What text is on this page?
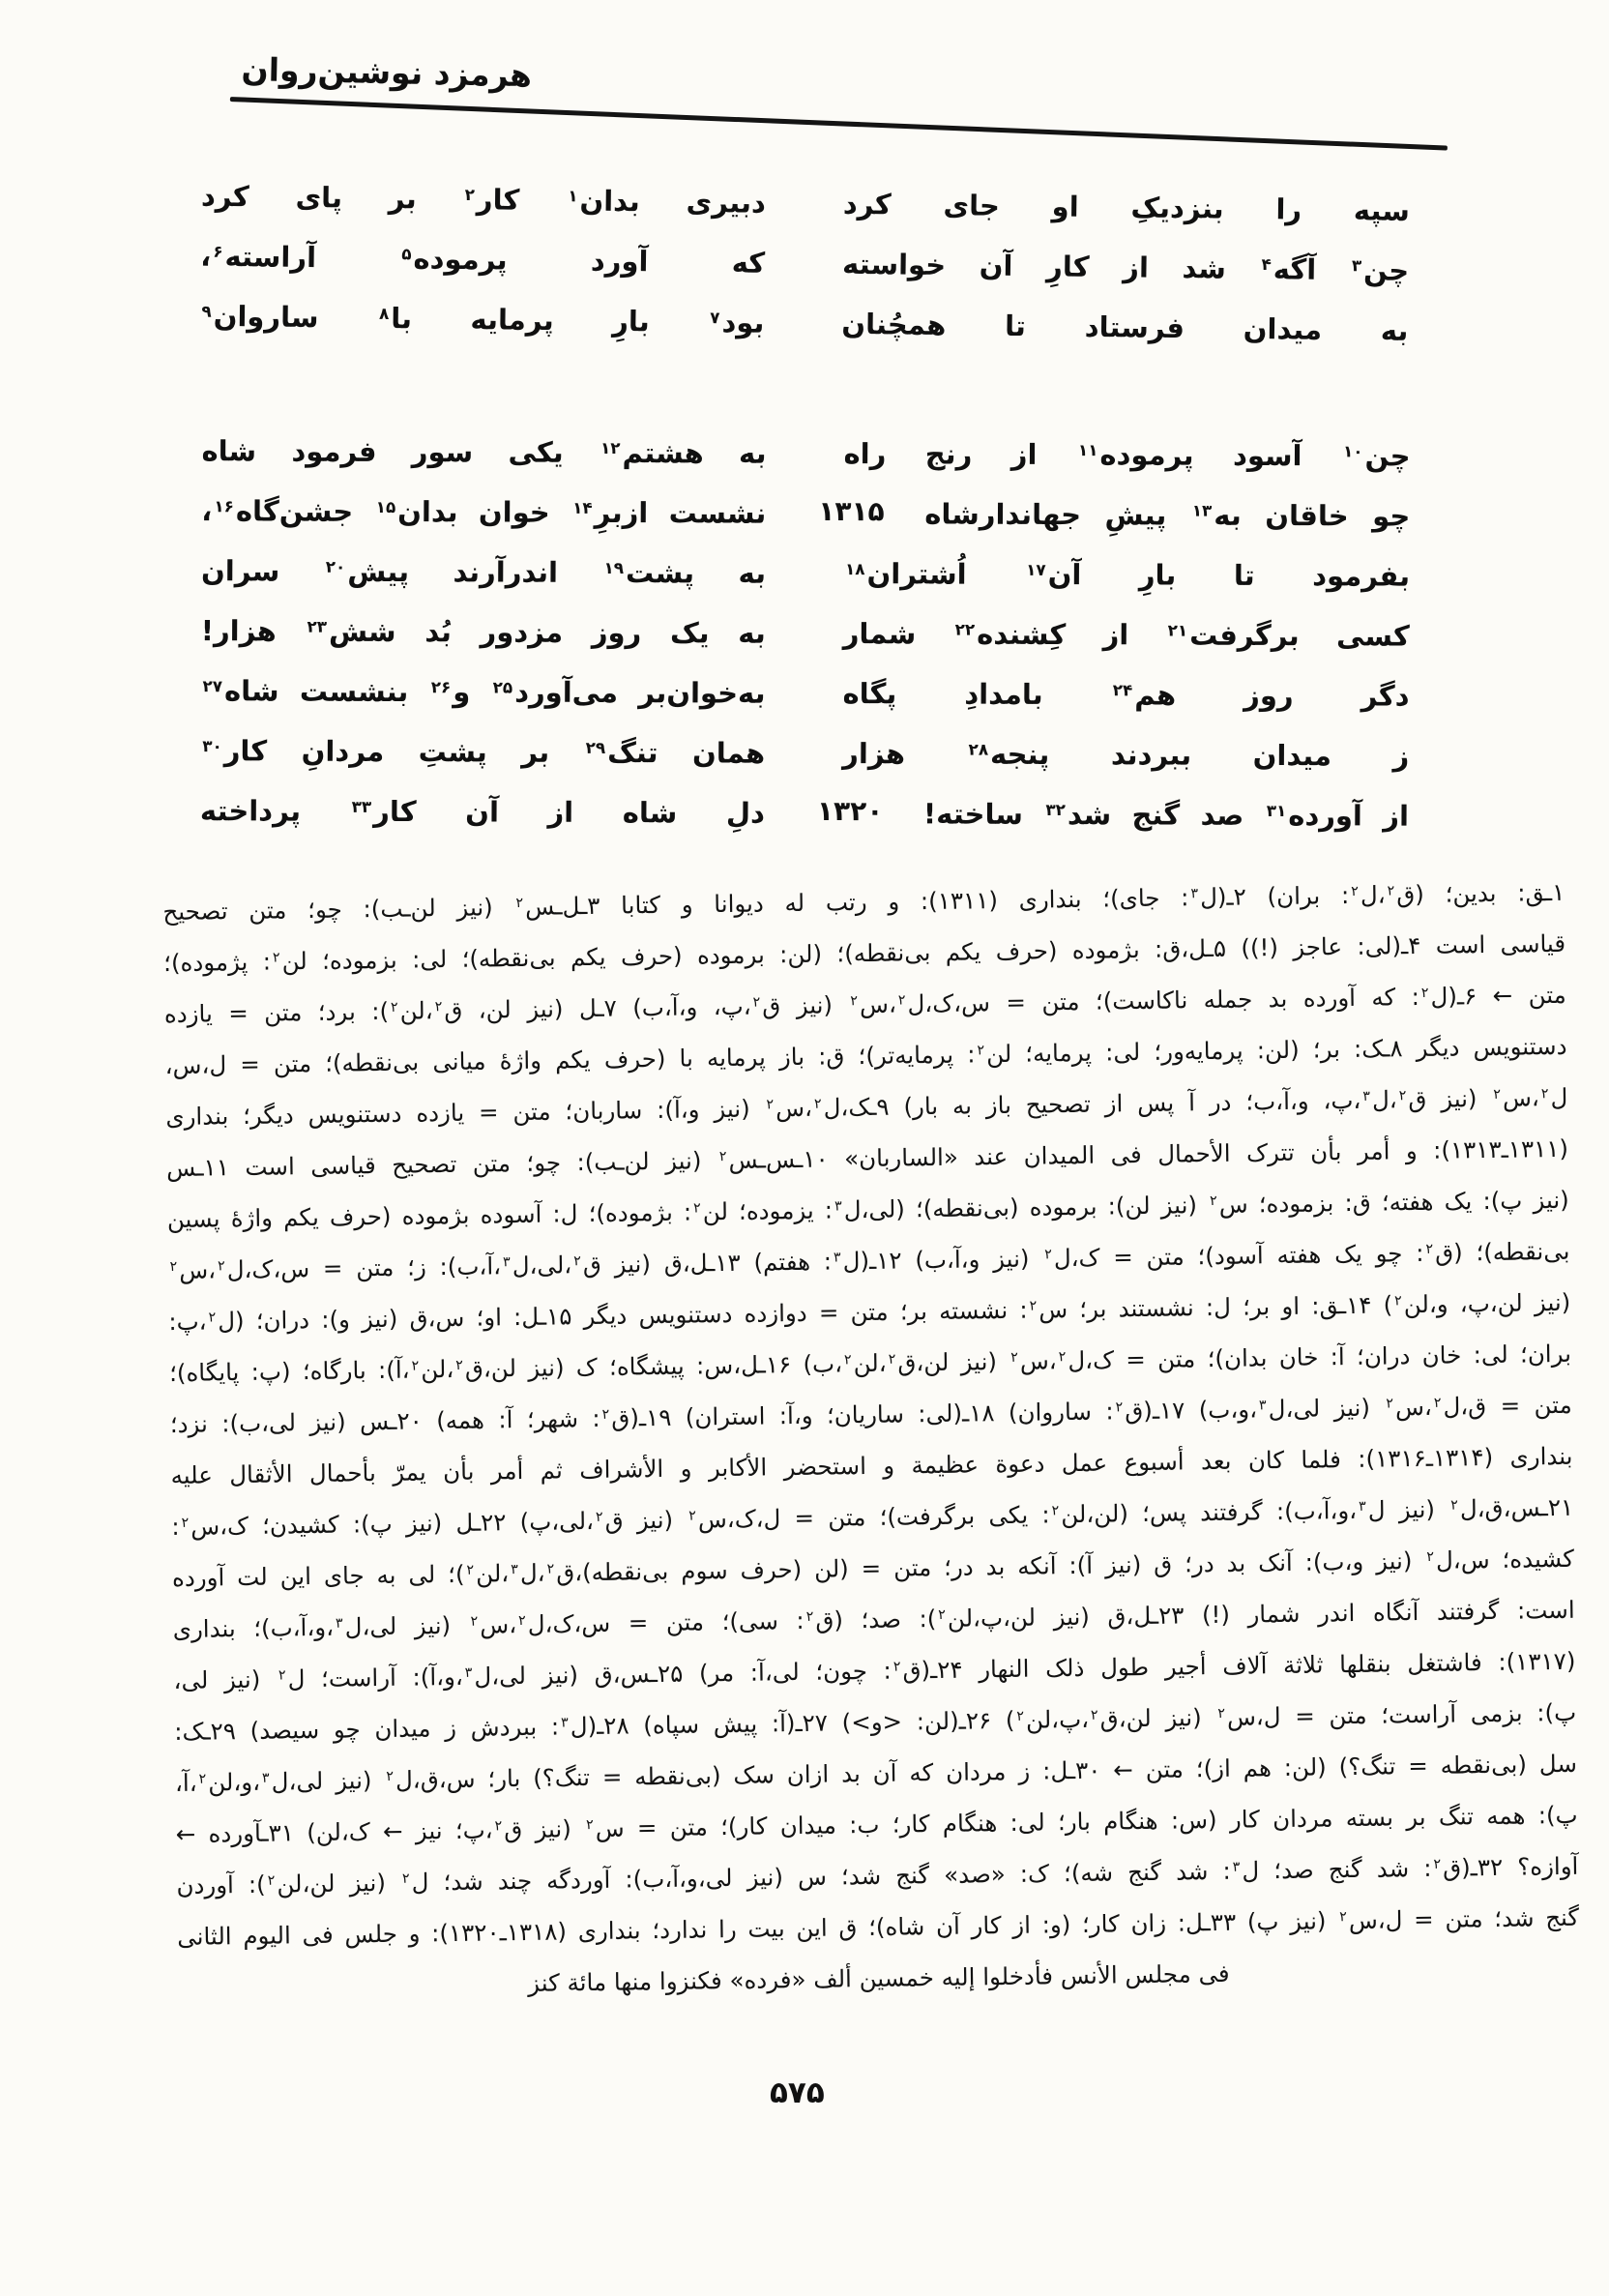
هرمزد نوشین‌روان
سپه را بنزدیکِ او جای کرد
دبیری بدان$^۱$ کار$^۲$ بر پای کرد
چن$^۳$ آگه$^۴$ شد از کارِ آن خواسته
که آورد پرموده$^۵$ آراسته$^۶$،
به میدان فرستاد تا همچُنان
بود$^۷$ بارِ پرمایه با$^۸$ ساروان$^۹$
چن$^{۱۰}$ آسود پرموده$^{۱۱}$ از رنج راه
به هشتم$^{۱۲}$ یکی سور فرمود شاه
۱۳۱۵	چو خاقان به$^{۱۳}$ پیشِ جهاندارشاه
نشست ازبرِ$^{۱۴}$ خوان بدان$^{۱۵}$ جشن‌گاه$^{۱۶}$،
بفرمود تا بارِ آن$^{۱۷}$ اُشتران$^{۱۸}$
به پشت$^{۱۹}$ اندرآرند پیش$^{۲۰}$ سران
کسی برگرفت$^{۲۱}$ از کِشنده$^{۲۲}$ شمار
به یک روز مزدور بُد شش$^{۲۳}$ هزار!
دگر روز هم$^{۲۴}$ بامدادِ پگاه
به‌خوان‌بر می‌آورد$^{۲۵}$ و$^{۲۶}$ بنشست شاه$^{۲۷}$
ز میدان ببردند پنجه$^{۲۸}$ هزار
همان تنگ$^{۲۹}$ بر پشتِ مردانِ کار$^{۳۰}$
۱۳۲۰	از آورده$^{۳۱}$ صد گنج شد$^{۳۲}$ ساخته!
دلِ شاه از آن کار$^{۳۳}$ پرداخته
۱ـق: بدین؛ (ق$^۲$،ل$^۲$: بران) ۲ـ(ل$^۳$: جای)؛ بنداری (۱۳۱۱): و رتب له دیوانا و کتابا ۳ـل‌ـس$^۲$ (نیز لن‌ـب): چو؛ متن تصحیح
قیاسی است ۴ـ(لی: عاجز (!)) ۵ـل،ق: بژموده (حرف یکم بی‌نقطه)؛ (لن: برموده (حرف یکم بی‌نقطه)؛ لی: بزموده؛ لن$^۲$: پژموده)؛
متن ← ۶ـ(ل$^۲$: که آورده بد جمله ناکاست)؛ متن = س،ک،ل$^۲$،س$^۲$ (نیز ق$^۲$،پ، و،آ،ب) ۷ـل (نیز لن، ق$^۲$،لن$^۲$): برد؛ متن = یازده
دستنویس دیگر ۸ـک: بر؛ (لن: پرمایه‌ور؛ لی: پرمایه؛ لن$^۲$: پرمایه‌تر)؛ ق: باز پرمایه با (حرف یکم واژهٔ میانی بی‌نقطه)؛ متن = ل،س،
ل$^۲$،س$^۲$ (نیز ق$^۲$،ل$^۳$،پ، و،آ،ب؛ در آ پس از تصحیح باز به بار) ۹ـک،ل$^۲$،س$^۲$ (نیز و،آ): ساربان؛ متن = یازده دستنویس دیگر؛ بنداری
(۱۳۱۱ـ۱۳۱۳): و أمر بأن تترک الأحمال فی المیدان عند «الساربان» ۱۰ـس‌ـس$^۲$ (نیز لن‌ـب): چو؛ متن تصحیح قیاسی است ۱۱ـس
(نیز پ): یک هفته؛ ق: بزموده؛ س$^۲$ (نیز لن): برموده (بی‌نقطه)؛ (لی،ل$^۳$: یزموده؛ لن$^۲$: بژموده)؛ ل: آسوده بژموده (حرف یکم واژهٔ پسین
بی‌نقطه)؛ (ق$^۲$: چو یک هفته آسود)؛ متن = ک،ل$^۲$ (نیز و،آ،ب) ۱۲ـ(ل$^۳$: هفتم) ۱۳ـل،ق (نیز ق$^۲$،لی،ل$^۳$،آ،ب): ز؛ متن = س،ک،ل$^۲$،س$^۲$
(نیز لن،پ، و،لن$^۲$) ۱۴ـق: او بر؛ ل: نشستند بر؛ س$^۲$: نشسته بر؛ متن = دوازده دستنویس دیگر ۱۵ـل: او؛ س،ق (نیز و): دران؛ (ل$^۲$،پ:
بران؛ لی: خان دران؛ آ: خان بدان)؛ متن = ک،ل$^۲$،س$^۲$ (نیز لن،ق$^۲$،لن$^۲$،ب) ۱۶ـل،س: پیشگاه؛ ک (نیز لن،ق$^۲$،لن$^۲$،آ): بارگاه؛ (پ: پایگاه)؛
متن = ق،ل$^۲$،س$^۲$ (نیز لی،ل$^۳$،و،ب) ۱۷ـ(ق$^۲$: ساروان) ۱۸ـ(لی: ساریان؛ و،آ: استران) ۱۹ـ(ق$^۲$: شهر؛ آ: همه) ۲۰ـس (نیز لی،ب): نزد؛
بنداری (۱۳۱۴ـ۱۳۱۶): فلما کان بعد أسبوع عمل دعوة عظیمة و استحضر الأکابر و الأشراف ثم أمر بأن یمرّ بأحمال الأثقال علیه
۲۱ـس،ق،ل$^۲$ (نیز ل$^۳$،و،آ،ب): گرفتند پس؛ (لن،لن$^۲$: یکی برگرفت)؛ متن = ل،ک،س$^۲$ (نیز ق$^۲$،لی،پ) ۲۲ـل (نیز پ): کشیدن؛ ک،س$^۲$:
کشیده؛ س،ل$^۲$ (نیز و،ب): آنک بد در؛ ق (نیز آ): آنکه بد در؛ متن = (لن (حرف سوم بی‌نقطه)،ق$^۲$،ل$^۳$،لن$^۲$)؛ لی به جای این لت آورده
است: گرفتند آنگاه اندر شمار (!) ۲۳ـل،ق (نیز لن،پ،لن$^۲$): صد؛ (ق$^۲$: سی)؛ متن = س،ک،ل$^۲$،س$^۲$ (نیز لی،ل$^۳$،و،آ،ب)؛ بنداری
(۱۳۱۷): فاشتغل بنقلها ثلاثة آلاف أجیر طول ذلک النهار ۲۴ـ(ق$^۲$: چون؛ لی،آ: مر) ۲۵ـس،ق (نیز لی،ل$^۳$،و،آ): آراست؛ ل$^۲$ (نیز لی،
پ): بزمی آراست؛ متن = ل،س$^۲$ (نیز لن،ق$^۲$،پ،لن$^۲$) ۲۶ـ(لن: <و>) ۲۷ـ(آ: پیش سپاه) ۲۸ـ(ل$^۳$: ببردش ز میدان چو سیصد) ۲۹ـک:
سل (بی‌نقطه = تنگ؟) (لن: هم از)؛ متن ← ۳۰ـل: ز مردان که آن بد ازان سک (بی‌نقطه = تنگ؟) بار؛ س،ق،ل$^۲$ (نیز لی،ل$^۳$،و،لن$^۲$،آ،
پ): همه تنگ بر بسته مردان کار (س: هنگام بار؛ لی: هنگام کار؛ ب: میدان کار)؛ متن = س$^۲$ (نیز ق$^۲$،پ؛ نیز ← ک،لن) ۳۱ـآورده ←
آوازه؟ ۳۲ـ(ق$^۲$: شد گنج صد؛ ل$^۳$: شد گنج شه)؛ ک: «صد» گنج شد؛ س (نیز لی،و،آ،ب): آوردگه چند شد؛ ل$^۲$ (نیز لن،لن$^۲$): آوردن
گنج شد؛ متن = ل،س$^۲$ (نیز پ) ۳۳ـل: زان کار؛ (و: از کار آن شاه)؛ ق این بیت را ندارد؛ بنداری (۱۳۱۸ـ۱۳۲۰): و جلس فی الیوم الثانی
فی مجلس الأنس فأدخلوا إلیه خمسین ألف «فرده» فکنزوا منها مائة کنز
۵۷۵
